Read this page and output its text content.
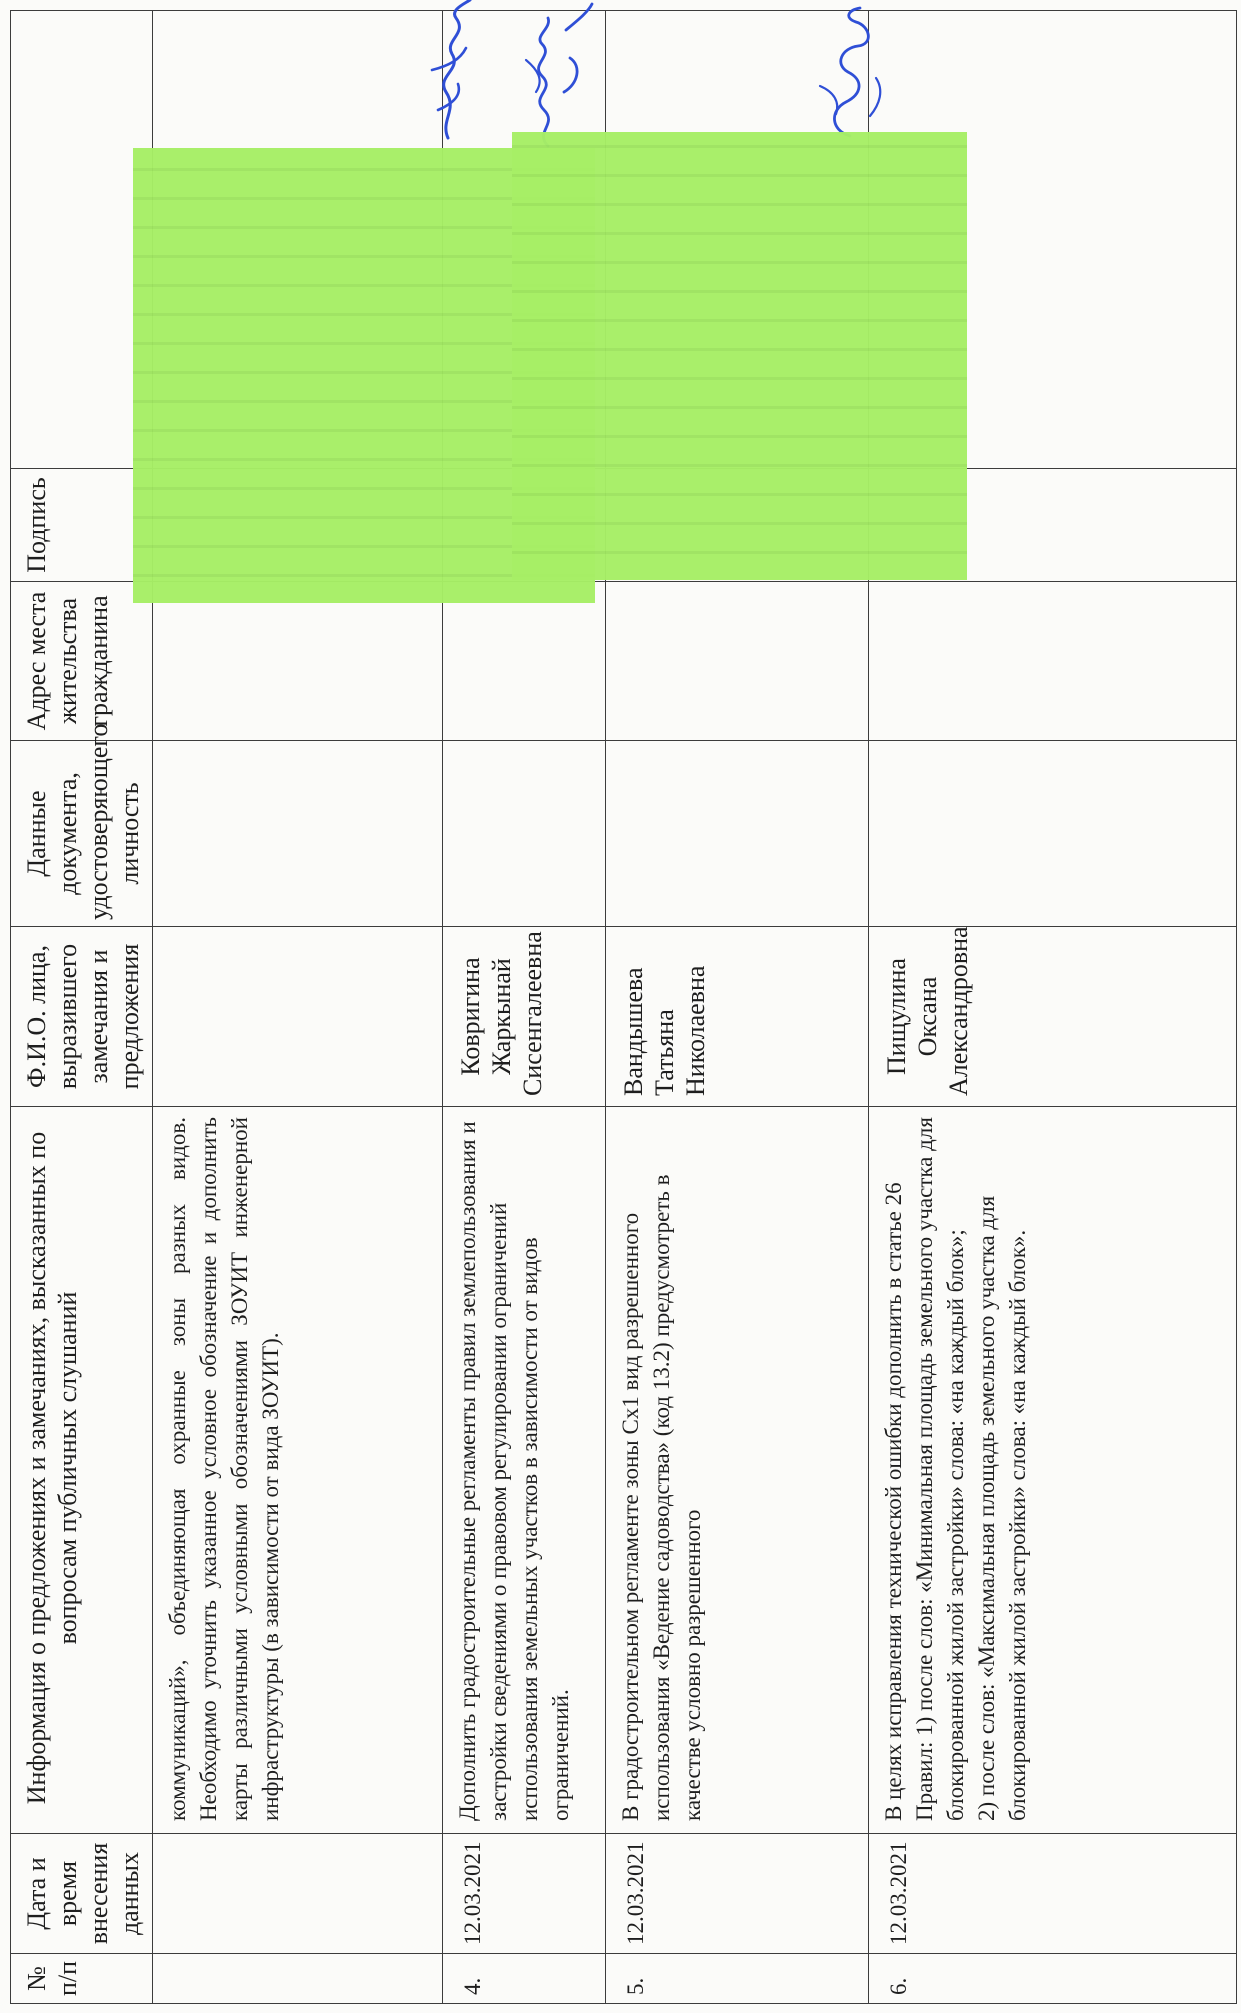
№ п/п	Дата и время внесения данных	Информация о предложениях и замечаниях, высказанных по вопросам публичных слушаний	Ф.И.О. лица, выразившего замечания и предложения	Данные документа, удостоверяющего личность	Адрес места жительства гражданина	Подпись	

		коммуникаций», объединяющая охранные зоны разных видов. Необходимо уточнить указанное условное обозначение и дополнить карты различными условными обозначениями ЗОУИТ инженерной инфраструктуры (в зависимости от вида ЗОУИТ).					

4.	12.03.2021	Дополнить градостроительные регламенты правил землепользования и застройки сведениями о правовом регулировании ограничений использования земельных участков в зависимости от видов ограничений.	Ковригина Жаркынай Сисенгалеевна				

5.	12.03.2021	В градостроительном регламенте зоны Сх1 вид разрешенного использования «Ведение садоводства» (код 13.2) предусмотреть в качестве условно разрешенного	Вандышева Татьяна Николаевна				

6.	12.03.2021	В целях исправления технической ошибки дополнить в статье 26 Правил: 1) после слов: «Минимальная площадь земельного участка для блокированной жилой застройки» слова: «на каждый блок»;
2) после слов: «Максимальная площадь земельного участка для блокированной жилой застройки» слова: «на каждый блок».	Пищулина Оксана Александровна				
